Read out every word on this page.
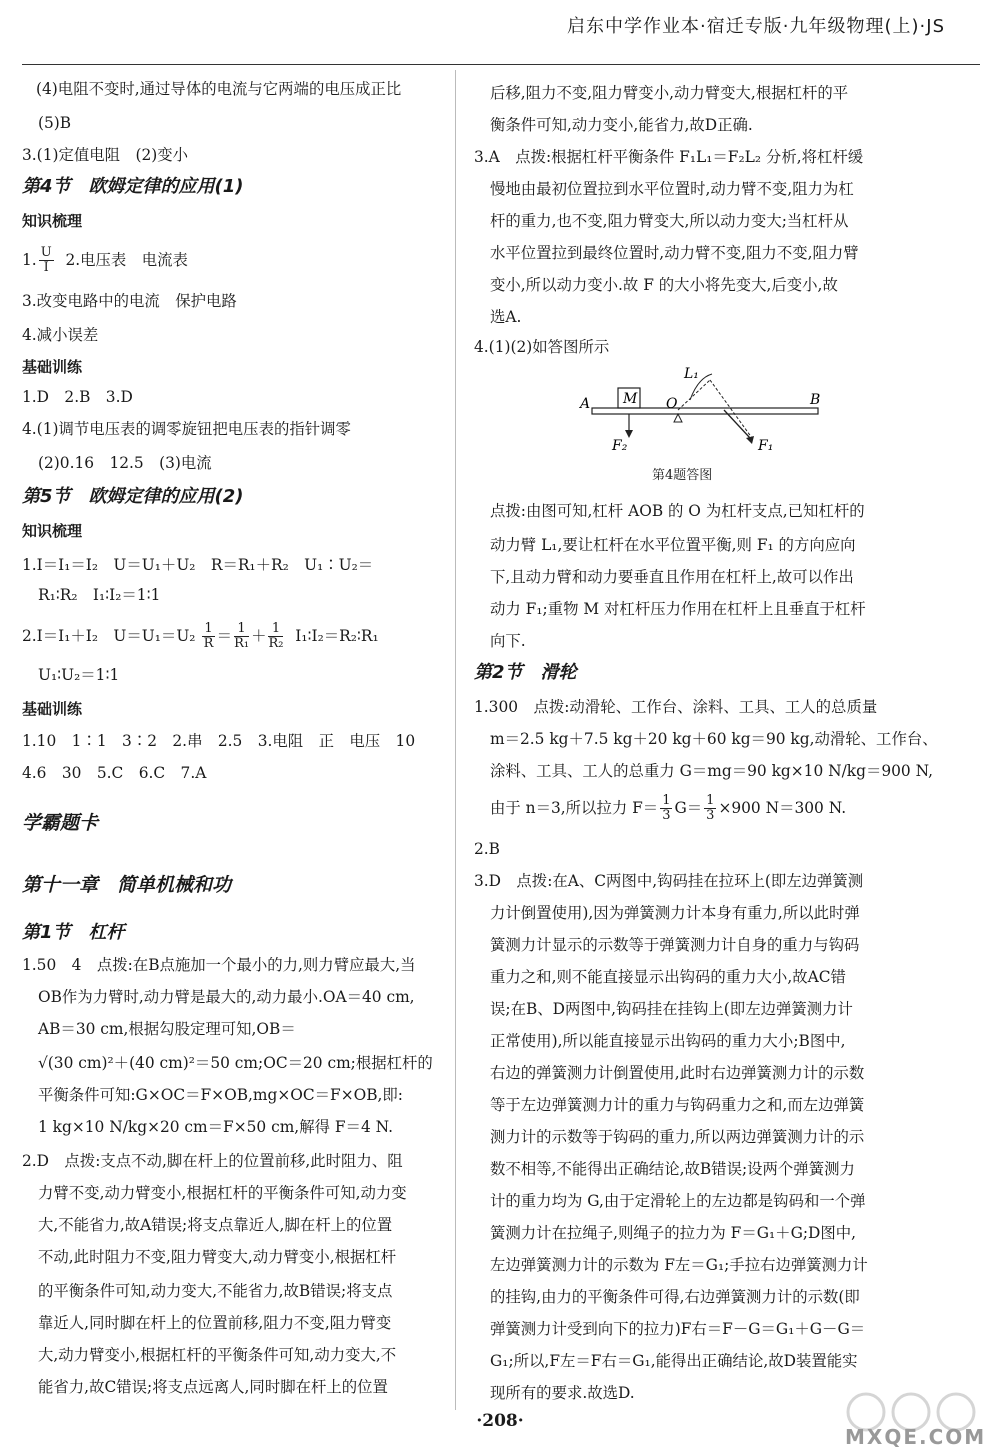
启东中学作业本·宿迁专版·九年级物理(上)·JS
(4)电阻不变时,通过导体的电流与它两端的电压成正比
(5)B
3.(1)定值电阻　(2)变小
第4节　欧姆定律的应用(1)
知识梳理
1. $\frac{U}{I} 2$.电压表　电流表
3.改变电路中的电流　保护电路
4.减小误差
基础训练
1.D　2.B　3.D
4.(1)调节电压表的调零旋钮把电压表的指针调零
(2)0.16　12.5　(3)电流
第5节　欧姆定律的应用(2)
知识梳理
1.I＝I₁＝I₂　U＝U₁＋U₂　R＝R₁＋R₂　U₁∶U₂＝
R₁∶R₂　I₁∶I₂＝1∶1
2.I＝I₁＋I₂　$U=U_1=U_2 \frac{1}{R} = \frac{1}{\text{R₁}} + \frac{1}{\text{R₂}}$ I₁∶I₂＝R₂∶R₁
U₁∶U₂＝1∶1
基础训练
1.10　1∶1　3∶2　2.串　2.5　3.电阻　正　电压　10
4.6　30　5.C　6.C　7.A
学霸题卡
第十一章　简单机械和功
第1节　杠杆
1.50　4　点拨:在B点施加一个最小的力,则力臂应最大,当
OB作为力臂时,动力臂是最大的,动力最小.OA＝40 cm,
AB＝30 cm,根据勾股定理可知,OB＝
√(30 cm)²＋(40 cm)²＝50 cm;OC＝20 cm;根据杠杆的
平衡条件可知:G×OC＝F×OB,mg×OC＝F×OB,即:
1 kg×10 N/kg×20 cm＝F×50 cm,解得 F＝4 N.
2.D　点拨:支点不动,脚在杆上的位置前移,此时阻力、阻
力臂不变,动力臂变小,根据杠杆的平衡条件可知,动力变
大,不能省力,故A错误;将支点靠近人,脚在杆上的位置
不动,此时阻力不变,阻力臂变大,动力臂变小,根据杠杆
的平衡条件可知,动力变大,不能省力,故B错误;将支点
靠近人,同时脚在杆上的位置前移,阻力不变,阻力臂变
大,动力臂变小,根据杠杆的平衡条件可知,动力变大,不
能省力,故C错误;将支点远离人,同时脚在杆上的位置
后移,阻力不变,阻力臂变小,动力臂变大,根据杠杆的平
衡条件可知,动力变小,能省力,故D正确.
3.A　点拨:根据杠杆平衡条件 F₁L₁＝F₂L₂ 分析,将杠杆缓
慢地由最初位置拉到水平位置时,动力臂不变,阻力为杠
杆的重力,也不变,阻力臂变大,所以动力变大;当杠杆从
水平位置拉到最终位置时,动力臂不变,阻力不变,阻力臂
变小,所以动力变小.故 F 的大小将先变大,后变小,故
选A.
4.(1)(2)如答图所示
M
F₂
A	O	B
L₁
F₁
第4题答图
点拨:由图可知,杠杆 AOB 的 O 为杠杆支点,已知杠杆的
动力臂 L₁,要让杠杆在水平位置平衡,则 F₁ 的方向应向
下,且动力臂和动力要垂直且作用在杠杆上,故可以作出
动力 F₁;重物 M 对杠杆压力作用在杠杆上且垂直于杠杆
向下.
第2节　滑轮
1.300　点拨:动滑轮、工作台、涂料、工具、工人的总质量
m＝2.5 kg＋7.5 kg＋20 kg＋60 kg＝90 kg,动滑轮、工作台、
涂料、工具、工人的总重力 G＝mg＝90 kg×10 N/kg＝900 N,
由于 n＝3,所以拉力 $F= \frac{1}{3} G= \frac{1}{3} \times 900$ N＝300 N.
2.B
3.D　点拨:在A、C两图中,钩码挂在拉环上(即左边弹簧测
力计倒置使用),因为弹簧测力计本身有重力,所以此时弹
簧测力计显示的示数等于弹簧测力计自身的重力与钩码
重力之和,则不能直接显示出钩码的重力大小,故AC错
误;在B、D两图中,钩码挂在挂钩上(即左边弹簧测力计
正常使用),所以能直接显示出钩码的重力大小;B图中,
右边的弹簧测力计倒置使用,此时右边弹簧测力计的示数
等于左边弹簧测力计的重力与钩码重力之和,而左边弹簧
测力计的示数等于钩码的重力,所以两边弹簧测力计的示
数不相等,不能得出正确结论,故B错误;设两个弹簧测力
计的重力均为 G,由于定滑轮上的左边都是钩码和一个弹
簧测力计在拉绳子,则绳子的拉力为 F＝G₁＋G;D图中,
左边弹簧测力计的示数为 F左＝G₁;手拉右边弹簧测力计
的挂钩,由力的平衡条件可得,右边弹簧测力计的示数(即
弹簧测力计受到向下的拉力)F右＝F－G＝G₁＋G－G＝
G₁;所以,F左＝F右＝G₁,能得出正确结论,故D装置能实
现所有的要求.故选D.
·208·
MXQE.COM
